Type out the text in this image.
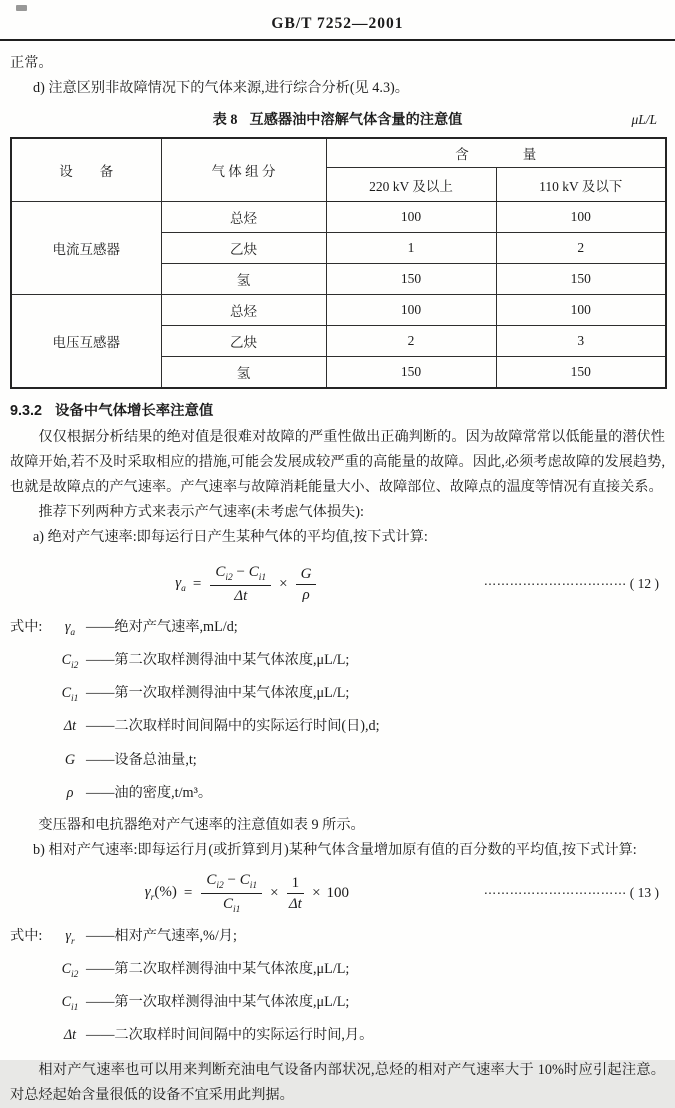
GB/T 7252—2001

正常。

d) 注意区别非故障情况下的气体来源,进行综合分析(见 4.3)。

表 8 互感器油中溶解气体含量的注意值	μL/L
设　　备	气 体 组 分	含　　　　量	
		220 kV 及以上	110 kV 及以下
电流互感器	总烃	100	100
	乙炔	1	2
	氢	150	150
电压互感器	总烃	100	100
	乙炔	2	3
	氢	150	150
9.3.2 设备中气体增长率注意值

仅仅根据分析结果的绝对值是很难对故障的严重性做出正确判断的。因为故障常常以低能量的潜伏性故障开始,若不及时采取相应的措施,可能会发展成较严重的高能量的故障。因此,必须考虑故障的发展趋势,也就是故障点的产气速率。产气速率与故障消耗能量大小、故障部位、故障点的温度等情况有直接关系。

推荐下列两种方式来表示产气速率(未考虑气体损失):

a) 绝对产气速率:即每运行日产生某种气体的平均值,按下式计算:

$\gamma_a = \frac{C_{i2} - C_{i1}}{\Delta t} \times \frac{G}{\rho}$	⋯⋯⋯⋯⋯⋯⋯⋯⋯⋯⋯ ( 12 )
式中: $\gamma_a$ ——绝对产气速率,mL/d;
$C_{i2}$ ——第二次取样测得油中某气体浓度,μL/L;
$C_{i1}$ ——第一次取样测得油中某气体浓度,μL/L;
Δt ——二次取样时间间隔中的实际运行时间(日),d;
G ——设备总油量,t;
ρ ——油的密度,t/m³。

变压器和电抗器绝对产气速率的注意值如表 9 所示。

b) 相对产气速率:即每运行月(或折算到月)某种气体含量增加原有值的百分数的平均值,按下式计算:

$\gamma_r(\%) = \frac{C_{i2} - C_{i1}}{C_{i1}} \times \frac{1}{\Delta t} \times 100$	⋯⋯⋯⋯⋯⋯⋯⋯⋯⋯⋯ ( 13 )
式中: $\gamma_r$ ——相对产气速率,%/月;
$C_{i2}$ ——第二次取样测得油中某气体浓度,μL/L;
$C_{i1}$ ——第一次取样测得油中某气体浓度,μL/L;
Δt ——二次取样时间间隔中的实际运行时间,月。

相对产气速率也可以用来判断充油电气设备内部状况,总烃的相对产气速率大于 10%时应引起注意。对总烃起始含量很低的设备不宜采用此判据。
